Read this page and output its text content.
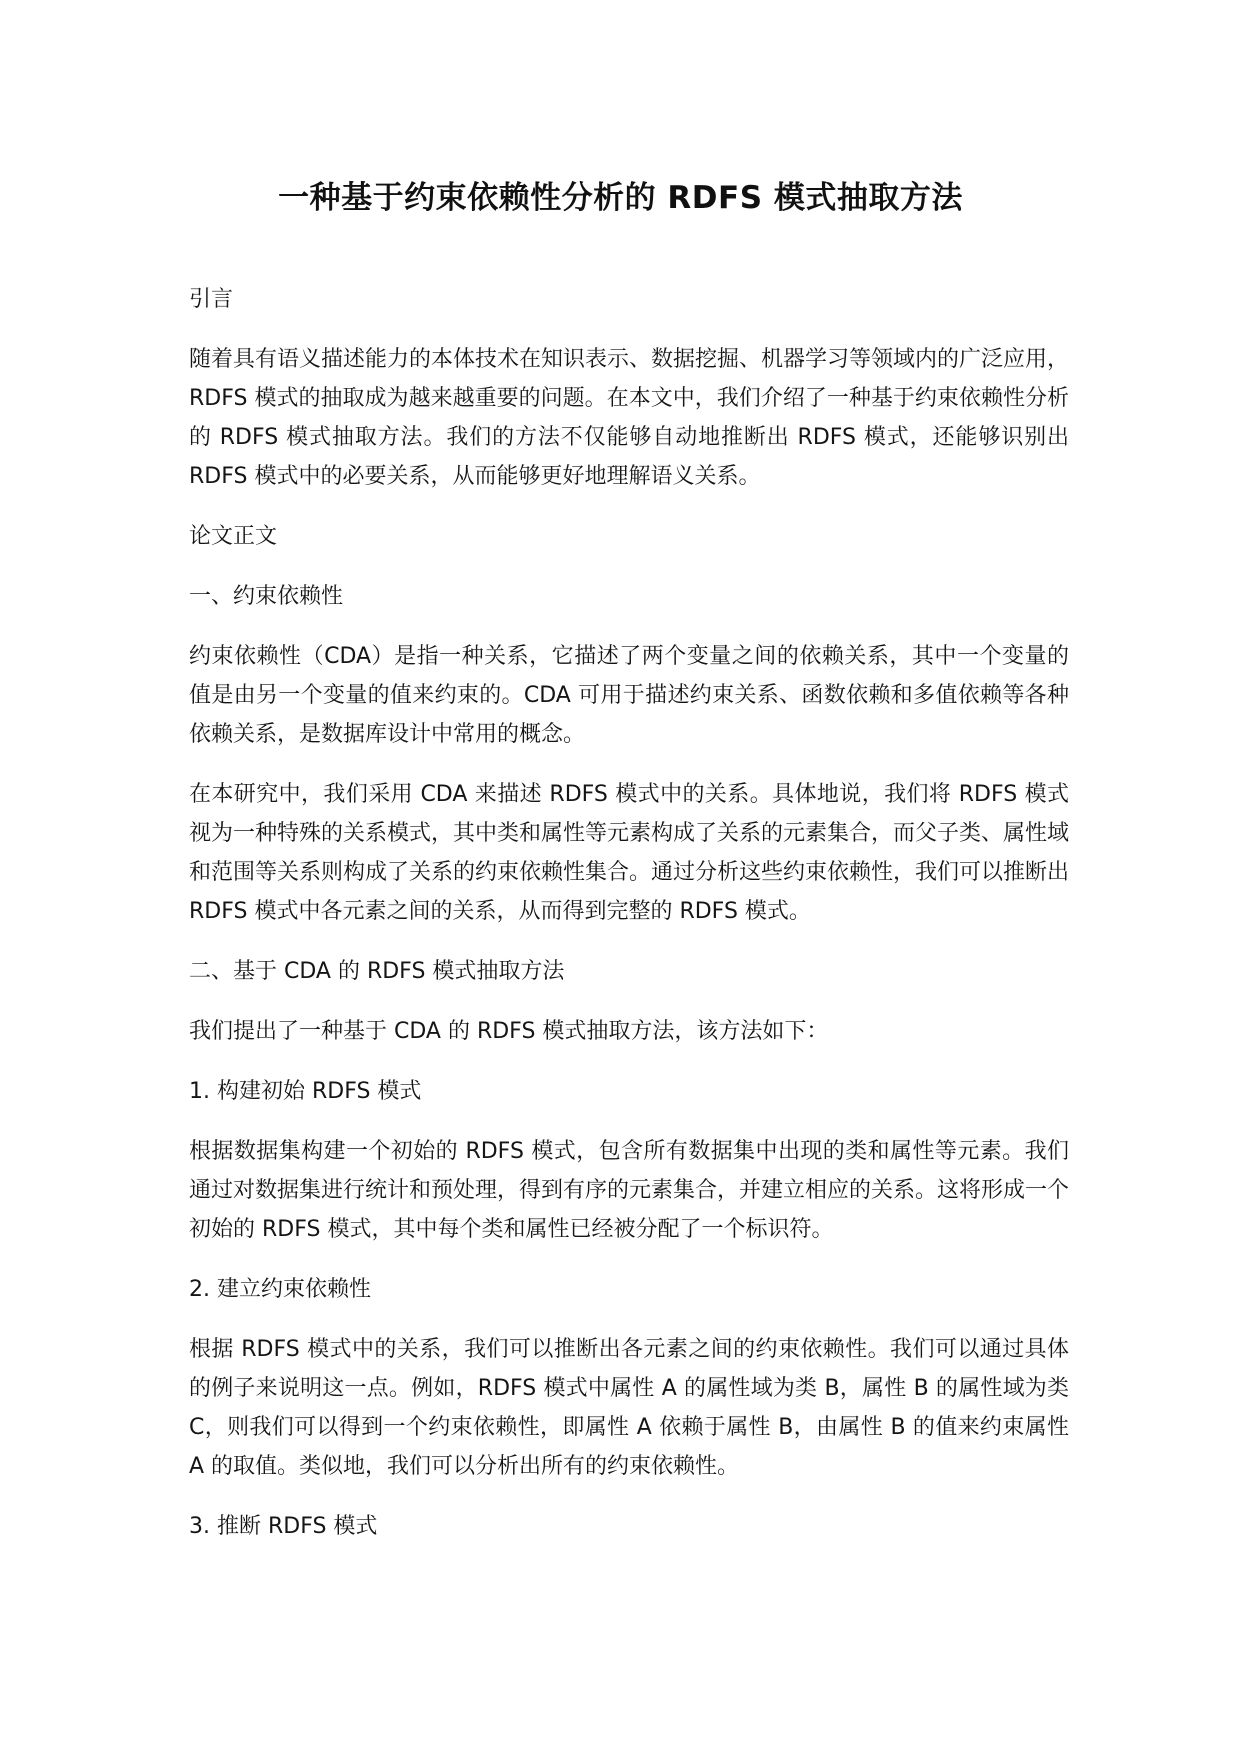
一种基于约束依赖性分析的 RDFS 模式抽取方法

引言

随着具有语义描述能力的本体技术在知识表示、数据挖掘、机器学习等领域内的广泛应用，RDFS 模式的抽取成为越来越重要的问题。在本文中，我们介绍了一种基于约束依赖性分析的 RDFS 模式抽取方法。我们的方法不仅能够自动地推断出 RDFS 模式，还能够识别出 RDFS 模式中的必要关系，从而能够更好地理解语义关系。

论文正文

一、约束依赖性

约束依赖性（CDA）是指一种关系，它描述了两个变量之间的依赖关系，其中一个变量的值是由另一个变量的值来约束的。CDA 可用于描述约束关系、函数依赖和多值依赖等各种依赖关系，是数据库设计中常用的概念。

在本研究中，我们采用 CDA 来描述 RDFS 模式中的关系。具体地说，我们将 RDFS 模式视为一种特殊的关系模式，其中类和属性等元素构成了关系的元素集合，而父子类、属性域和范围等关系则构成了关系的约束依赖性集合。通过分析这些约束依赖性，我们可以推断出 RDFS 模式中各元素之间的关系，从而得到完整的 RDFS 模式。

二、基于 CDA 的 RDFS 模式抽取方法

我们提出了一种基于 CDA 的 RDFS 模式抽取方法，该方法如下：

1. 构建初始 RDFS 模式

根据数据集构建一个初始的 RDFS 模式，包含所有数据集中出现的类和属性等元素。我们通过对数据集进行统计和预处理，得到有序的元素集合，并建立相应的关系。这将形成一个初始的 RDFS 模式，其中每个类和属性已经被分配了一个标识符。

2. 建立约束依赖性

根据 RDFS 模式中的关系，我们可以推断出各元素之间的约束依赖性。我们可以通过具体的例子来说明这一点。例如，RDFS 模式中属性 A 的属性域为类 B，属性 B 的属性域为类 C，则我们可以得到一个约束依赖性，即属性 A 依赖于属性 B，由属性 B 的值来约束属性 A 的取值。类似地，我们可以分析出所有的约束依赖性。

3. 推断 RDFS 模式
